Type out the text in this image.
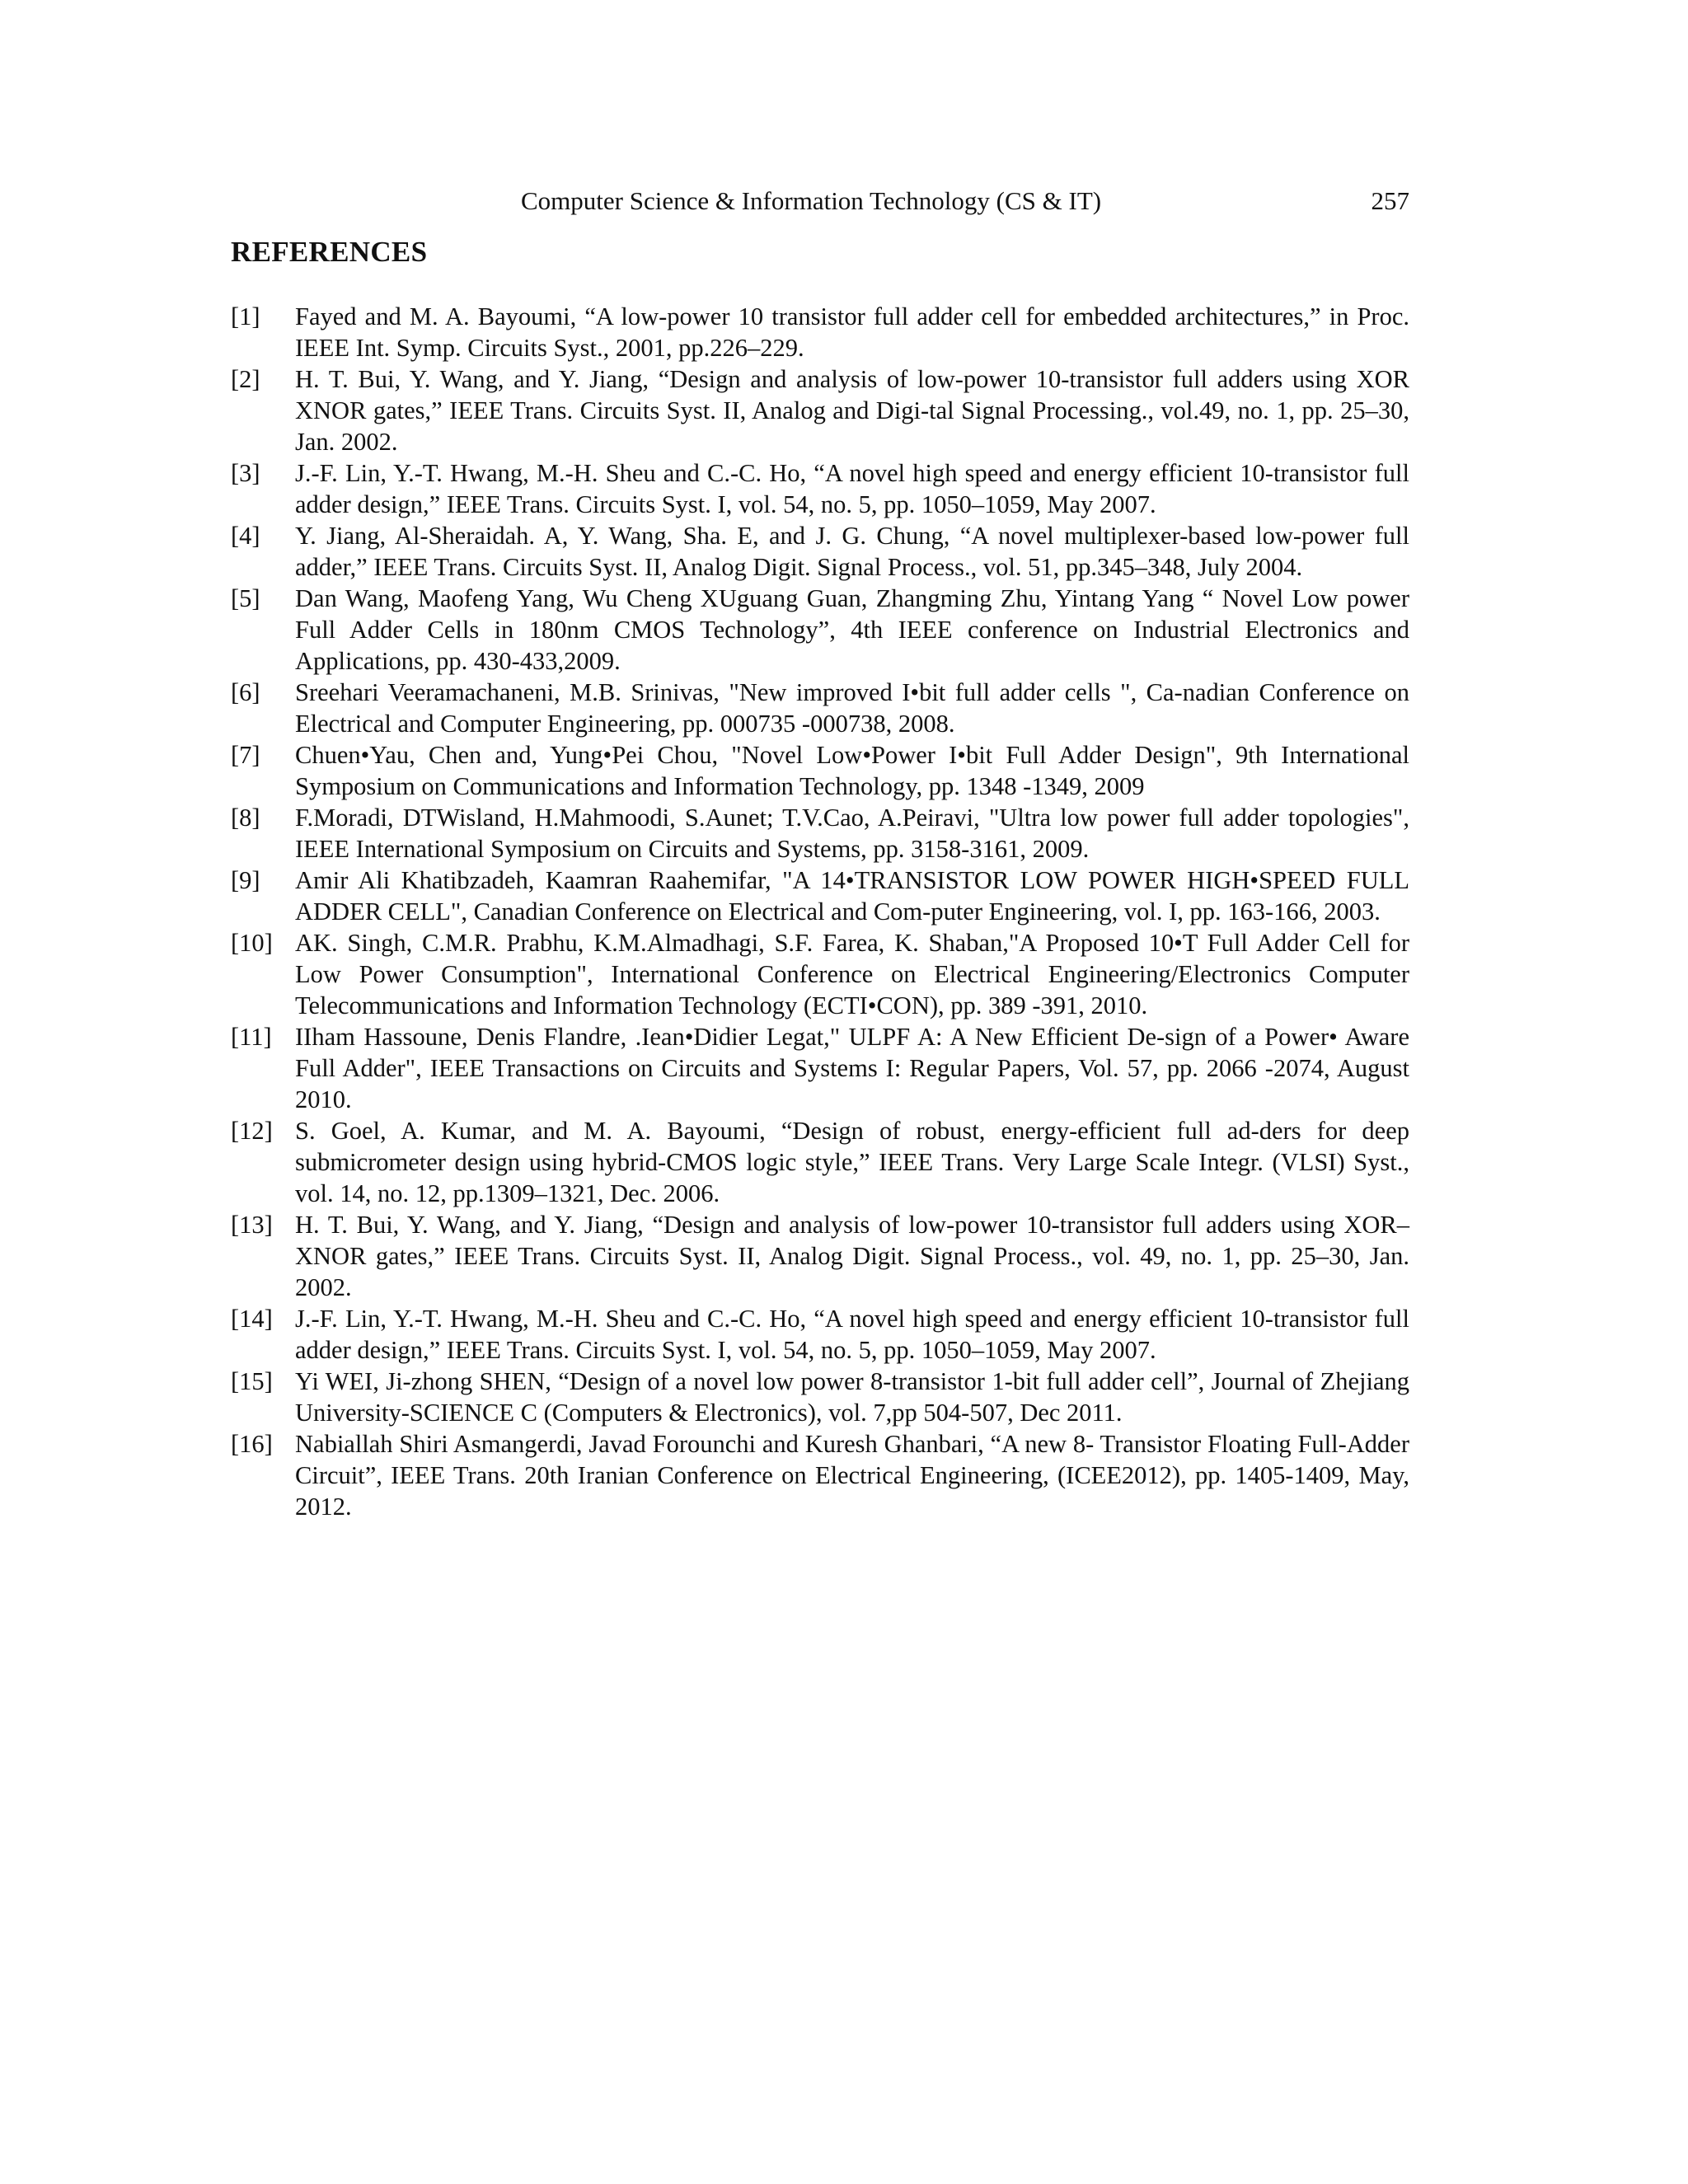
Computer Science & Information Technology (CS & IT)	257
REFERENCES
[1] Fayed and M. A. Bayoumi, “A low-power 10 transistor full adder cell for embedded architectures,” in Proc. IEEE Int. Symp. Circuits Syst., 2001, pp.226–229.
[2] H. T. Bui, Y. Wang, and Y. Jiang, “Design and analysis of low-power 10-transistor full adders using XOR XNOR gates,” IEEE Trans. Circuits Syst. II, Analog and Digi-tal Signal Processing., vol.49, no. 1, pp. 25–30, Jan. 2002.
[3] J.-F. Lin, Y.-T. Hwang, M.-H. Sheu and C.-C. Ho, “A novel high speed and energy efficient 10-transistor full adder design,” IEEE Trans. Circuits Syst. I, vol. 54, no. 5, pp. 1050–1059, May 2007.
[4] Y. Jiang, Al-Sheraidah. A, Y. Wang, Sha. E, and J. G. Chung, “A novel multiplexer-based low-power full adder,” IEEE Trans. Circuits Syst. II, Analog Digit. Signal Process., vol. 51, pp.345–348, July 2004.
[5] Dan Wang, Maofeng Yang, Wu Cheng XUguang Guan, Zhangming Zhu, Yintang Yang “ Novel Low power Full Adder Cells in 180nm CMOS Technology”, 4th IEEE conference on Industrial Electronics and Applications, pp. 430-433,2009.
[6] Sreehari Veeramachaneni, M.B. Srinivas, "New improved I•bit full adder cells ", Ca-nadian Conference on Electrical and Computer Engineering, pp. 000735 -000738, 2008.
[7] Chuen•Yau, Chen and, Yung•Pei Chou, "Novel Low•Power I•bit Full Adder Design", 9th International Symposium on Communications and Information Technology, pp. 1348 -1349, 2009
[8] F.Moradi, DTWisland, H.Mahmoodi, S.Aunet; T.V.Cao, A.Peiravi, "Ultra low power full adder topologies", IEEE International Symposium on Circuits and Systems, pp. 3158-3161, 2009.
[9] Amir Ali Khatibzadeh, Kaamran Raahemifar, "A 14•TRANSISTOR LOW POWER HIGH•SPEED FULL ADDER CELL", Canadian Conference on Electrical and Com-puter Engineering, vol. I, pp. 163-166, 2003.
[10] AK. Singh, C.M.R. Prabhu, K.M.Almadhagi, S.F. Farea, K. Shaban,"A Proposed 10•T Full Adder Cell for Low Power Consumption", International Conference on Electrical Engineering/Electronics Computer Telecommunications and Information Technology (ECTI•CON), pp. 389 -391, 2010.
[11] IIham Hassoune, Denis Flandre, .Iean•Didier Legat," ULPF A: A New Efficient De-sign of a Power• Aware Full Adder", IEEE Transactions on Circuits and Systems I: Regular Papers, Vol. 57, pp. 2066 -2074, August 2010.
[12] S. Goel, A. Kumar, and M. A. Bayoumi, “Design of robust, energy-efficient full ad-ders for deep submicrometer design using hybrid-CMOS logic style,” IEEE Trans. Very Large Scale Integr. (VLSI) Syst., vol. 14, no. 12, pp.1309–1321, Dec. 2006.
[13] H. T. Bui, Y. Wang, and Y. Jiang, “Design and analysis of low-power 10-transistor full adders using XOR–XNOR gates,” IEEE Trans. Circuits Syst. II, Analog Digit. Signal Process., vol. 49, no. 1, pp. 25–30, Jan. 2002.
[14] J.-F. Lin, Y.-T. Hwang, M.-H. Sheu and C.-C. Ho, “A novel high speed and energy efficient 10-transistor full adder design,” IEEE Trans. Circuits Syst. I, vol. 54, no. 5, pp. 1050–1059, May 2007.
[15] Yi WEI, Ji-zhong SHEN, “Design of a novel low power 8-transistor 1-bit full adder cell”, Journal of Zhejiang University-SCIENCE C (Computers & Electronics), vol. 7,pp 504-507, Dec 2011.
[16] Nabiallah Shiri Asmangerdi, Javad Forounchi and Kuresh Ghanbari, “A new 8- Transistor Floating Full-Adder Circuit”, IEEE Trans. 20th Iranian Conference on Electrical Engineering, (ICEE2012), pp. 1405-1409, May, 2012.
